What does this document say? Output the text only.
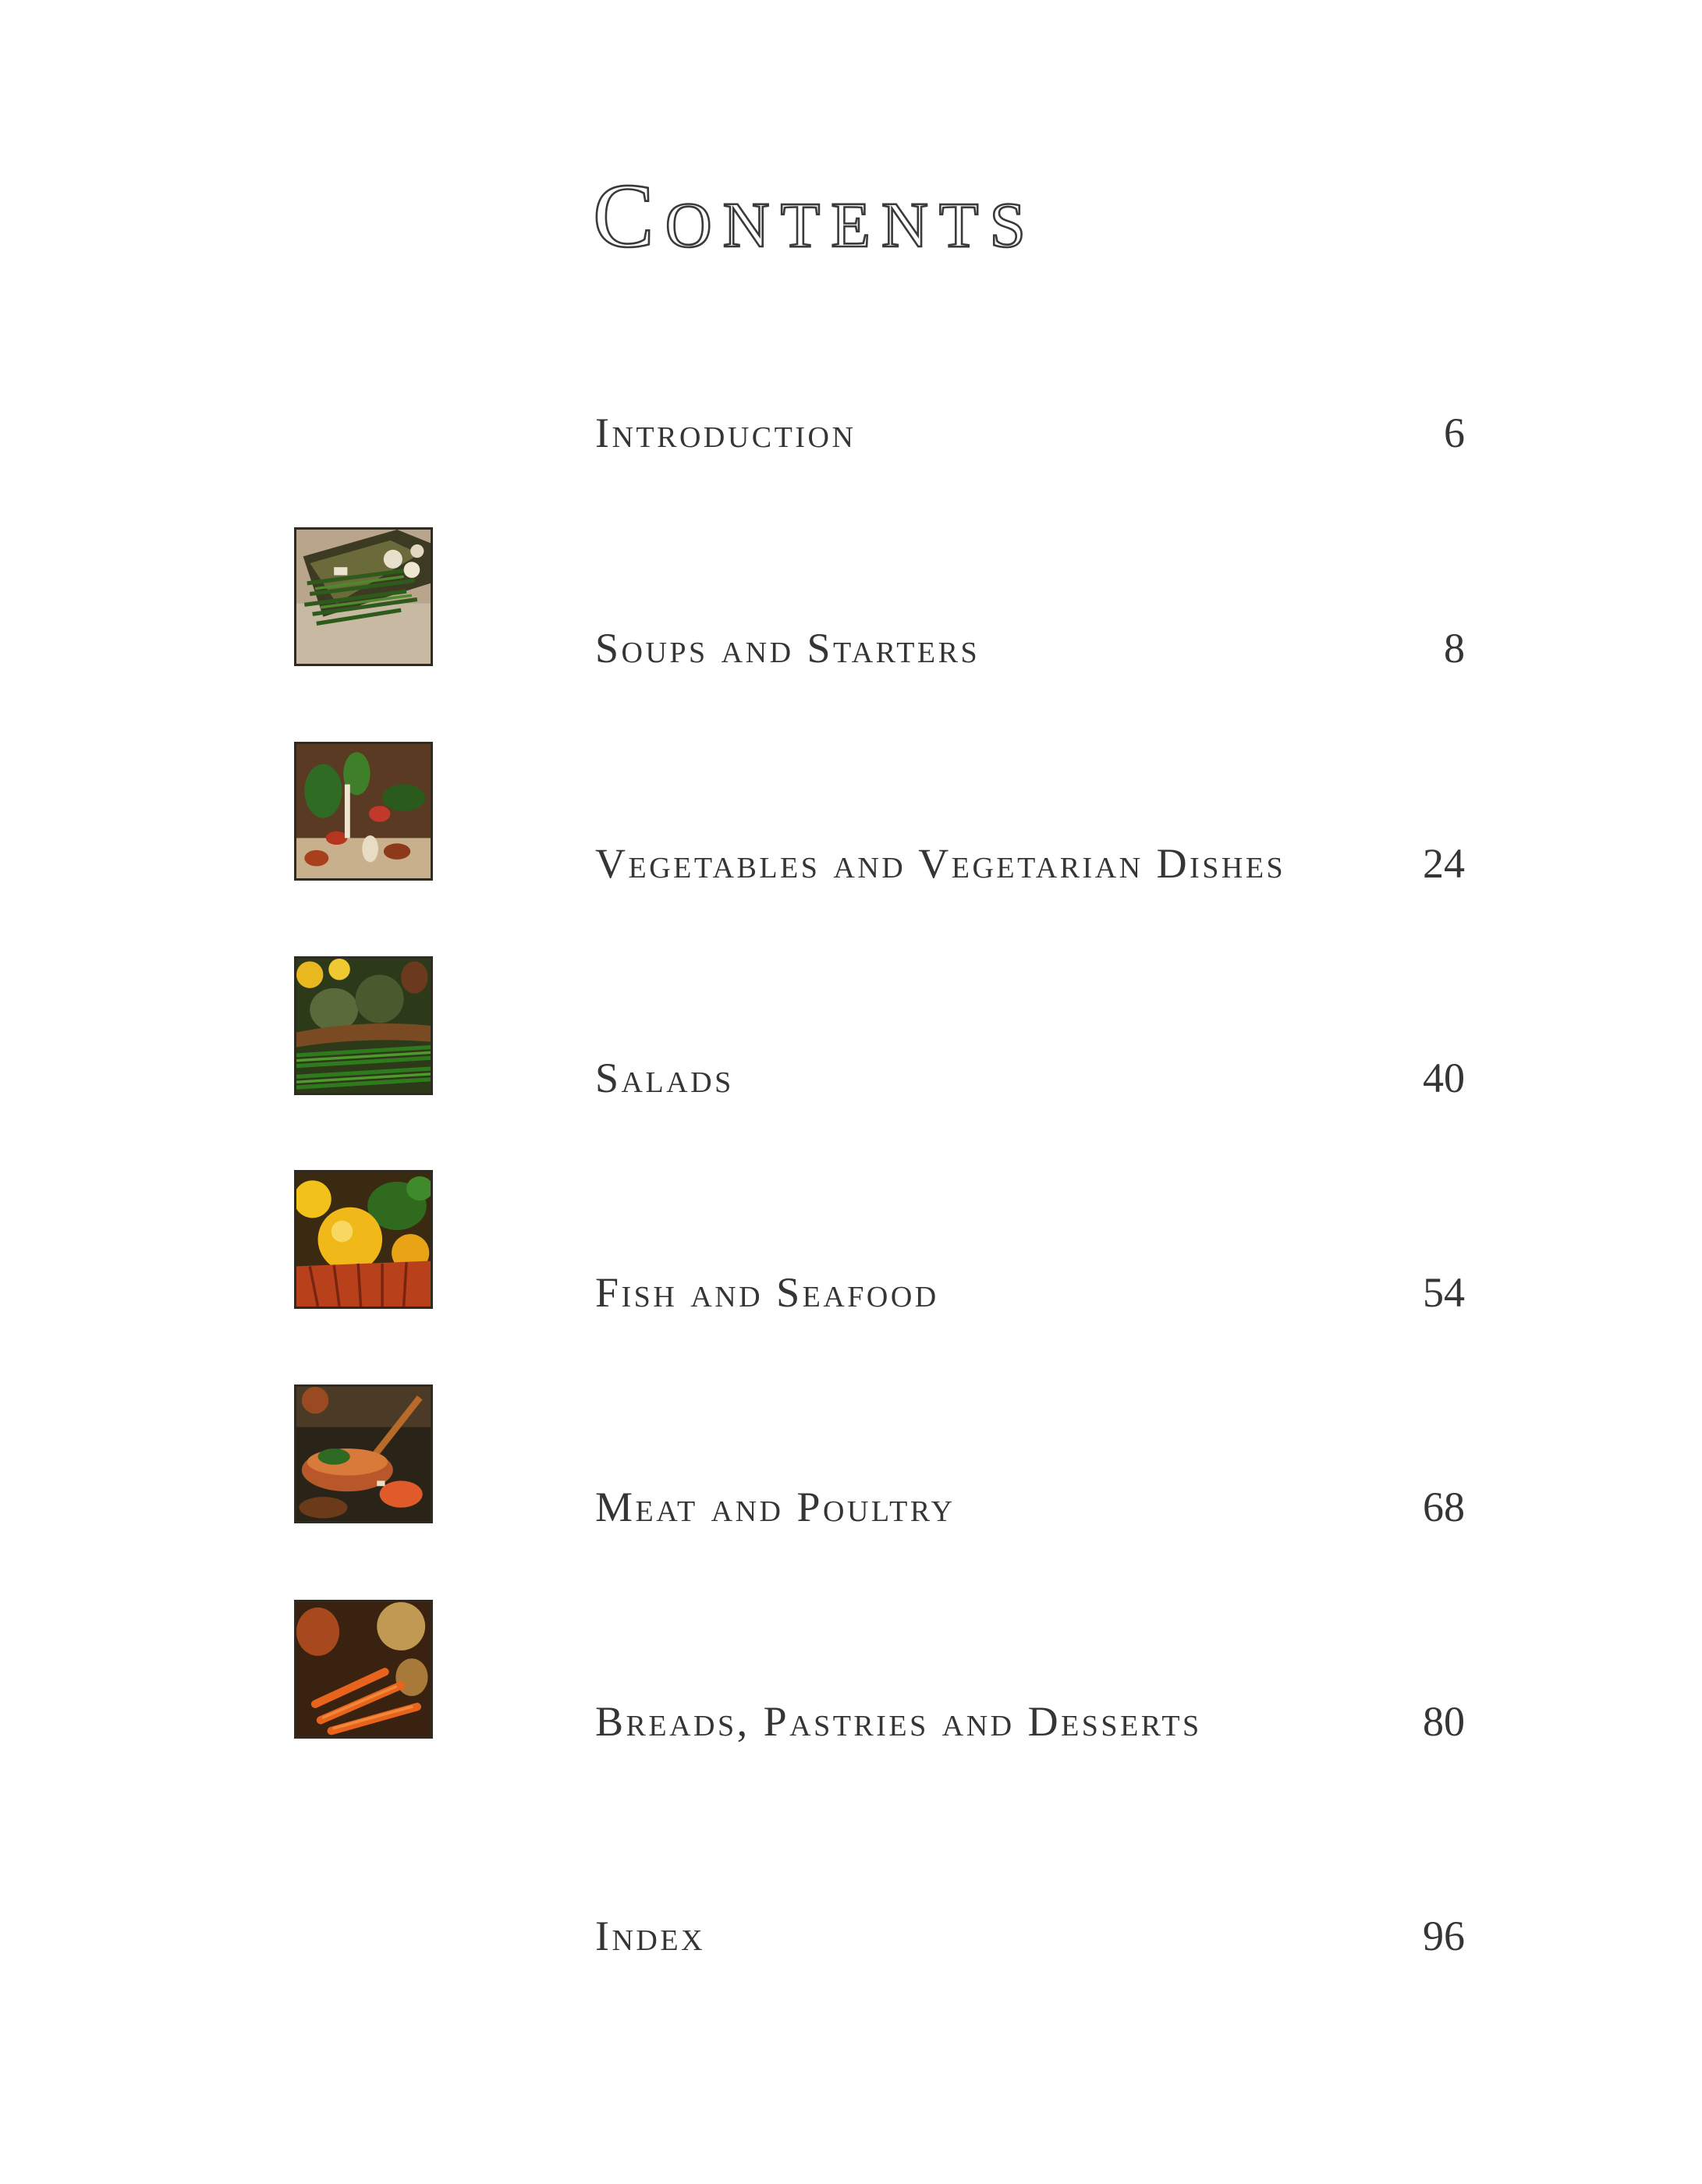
Contents
Introduction	6
Soups and Starters	8
Vegetables and Vegetarian Dishes	24
Salads	40
Fish and Seafood	54
Meat and Poultry	68
Breads, Pastries and Desserts	80
Index	96
